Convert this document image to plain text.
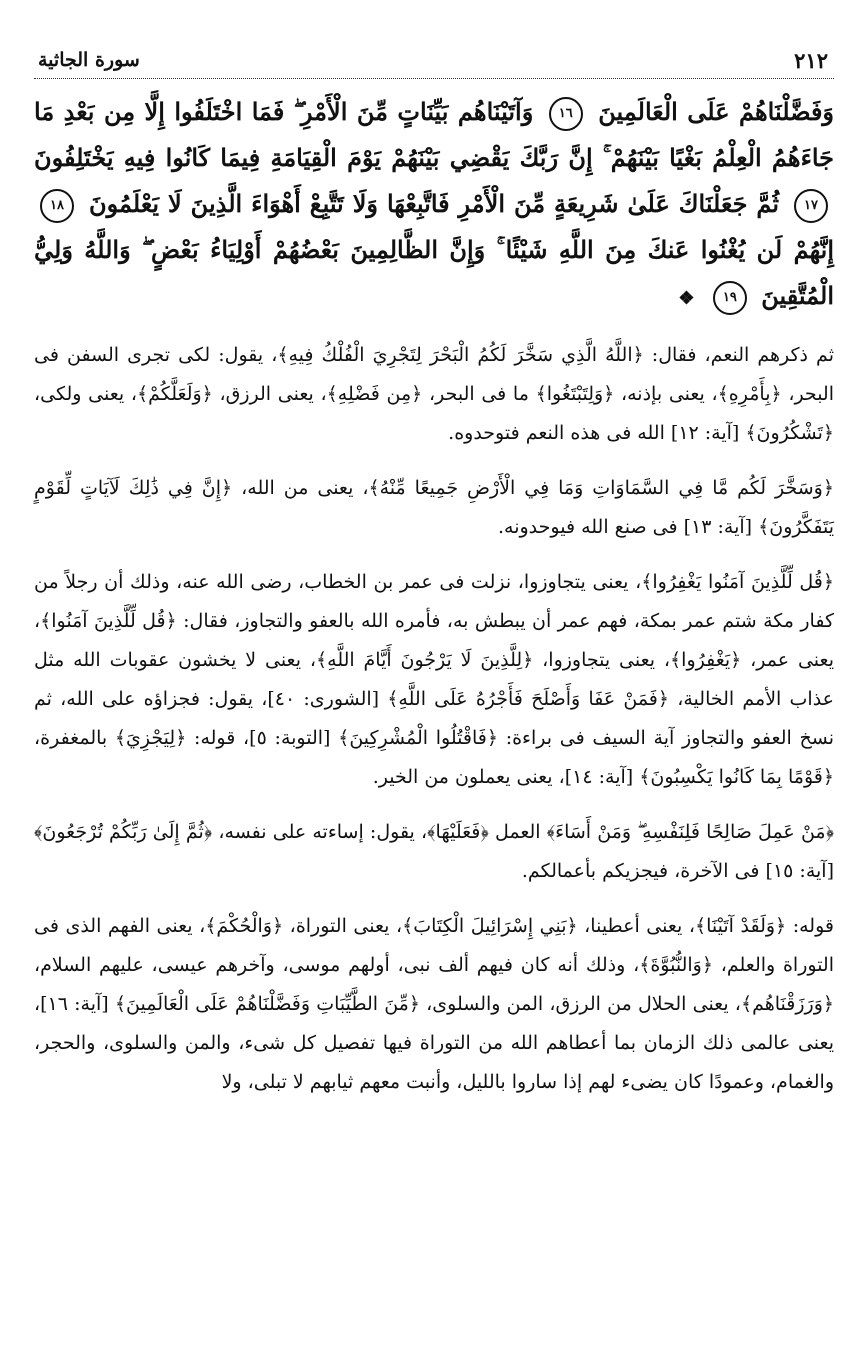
٢١٢
سورة الجاثية
وَفَضَّلْنَاهُمْ عَلَى الْعَالَمِينَ ١٦ وَآتَيْنَاهُم بَيِّنَاتٍ مِّنَ الْأَمْرِ ۖ فَمَا اخْتَلَفُوا إِلَّا مِن بَعْدِ مَا جَاءَهُمُ الْعِلْمُ بَغْيًا بَيْنَهُمْ ۚ إِنَّ رَبَّكَ يَقْضِي بَيْنَهُمْ يَوْمَ الْقِيَامَةِ فِيمَا كَانُوا فِيهِ يَخْتَلِفُونَ ١٧ ثُمَّ جَعَلْنَاكَ عَلَىٰ شَرِيعَةٍ مِّنَ الْأَمْرِ فَاتَّبِعْهَا وَلَا تَتَّبِعْ أَهْوَاءَ الَّذِينَ لَا يَعْلَمُونَ ١٨ إِنَّهُمْ لَن يُغْنُوا عَنكَ مِنَ اللَّهِ شَيْئًا ۚ وَإِنَّ الظَّالِمِينَ بَعْضُهُمْ أَوْلِيَاءُ بَعْضٍ ۖ وَاللَّهُ وَلِيُّ الْمُتَّقِينَ ١٩ ❖

ثم ذكرهم النعم، فقال: ﴿اللَّهُ الَّذِي سَخَّرَ لَكُمُ الْبَحْرَ لِتَجْرِيَ الْفُلْكُ فِيهِ﴾، يقول: لكى تجرى السفن فى البحر، ﴿بِأَمْرِهِ﴾، يعنى بإذنه، ﴿وَلِتَبْتَغُوا﴾ ما فى البحر، ﴿مِن فَضْلِهِ﴾، يعنى الرزق، ﴿وَلَعَلَّكُمْ﴾، يعنى ولكى، ﴿تَشْكُرُونَ﴾ [آية: ١٢] الله فى هذه النعم فتوحدوه.

﴿وَسَخَّرَ لَكُم مَّا فِي السَّمَاوَاتِ وَمَا فِي الْأَرْضِ جَمِيعًا مِّنْهُ﴾، يعنى من الله، ﴿إِنَّ فِي ذَٰلِكَ لَآيَاتٍ لِّقَوْمٍ يَتَفَكَّرُونَ﴾ [آية: ١٣] فى صنع الله فيوحدونه.

﴿قُل لِّلَّذِينَ آمَنُوا يَغْفِرُوا﴾، يعنى يتجاوزوا، نزلت فى عمر بن الخطاب، رضى الله عنه، وذلك أن رجلاً من كفار مكة شتم عمر بمكة، فهم عمر أن يبطش به، فأمره الله بالعفو والتجاوز، فقال: ﴿قُل لِّلَّذِينَ آمَنُوا﴾، يعنى عمر، ﴿يَغْفِرُوا﴾، يعنى يتجاوزوا، ﴿لِلَّذِينَ لَا يَرْجُونَ أَيَّامَ اللَّهِ﴾، يعنى لا يخشون عقوبات الله مثل عذاب الأمم الخالية، ﴿فَمَنْ عَفَا وَأَصْلَحَ فَأَجْرُهُ عَلَى اللَّهِ﴾ [الشورى: ٤٠]، يقول: فجزاؤه على الله، ثم نسخ العفو والتجاوز آية السيف فى براءة: ﴿فَاقْتُلُوا الْمُشْرِكِينَ﴾ [التوبة: ٥]، قوله: ﴿لِيَجْزِيَ﴾ بالمغفرة، ﴿قَوْمًا بِمَا كَانُوا يَكْسِبُونَ﴾ [آية: ١٤]، يعنى يعملون من الخير.

﴿مَنْ عَمِلَ صَالِحًا فَلِنَفْسِهِ ۖ وَمَنْ أَسَاءَ﴾ العمل ﴿فَعَلَيْهَا﴾، يقول: إساءته على نفسه، ﴿ثُمَّ إِلَىٰ رَبِّكُمْ تُرْجَعُونَ﴾ [آية: ١٥] فى الآخرة، فيجزيكم بأعمالكم.

قوله: ﴿وَلَقَدْ آتَيْنَا﴾، يعنى أعطينا، ﴿بَنِي إِسْرَائِيلَ الْكِتَابَ﴾، يعنى التوراة، ﴿وَالْحُكْمَ﴾، يعنى الفهم الذى فى التوراة والعلم، ﴿وَالنُّبُوَّةَ﴾، وذلك أنه كان فيهم ألف نبى، أولهم موسى، وآخرهم عيسى، عليهم السلام، ﴿وَرَزَقْنَاهُم﴾، يعنى الحلال من الرزق، المن والسلوى، ﴿مِّنَ الطَّيِّبَاتِ وَفَضَّلْنَاهُمْ عَلَى الْعَالَمِينَ﴾ [آية: ١٦]، يعنى عالمى ذلك الزمان بما أعطاهم الله من التوراة فيها تفصيل كل شىء، والمن والسلوى، والحجر، والغمام، وعمودًا كان يضىء لهم إذا ساروا بالليل، وأنبت معهم ثيابهم لا تبلى، ولا
